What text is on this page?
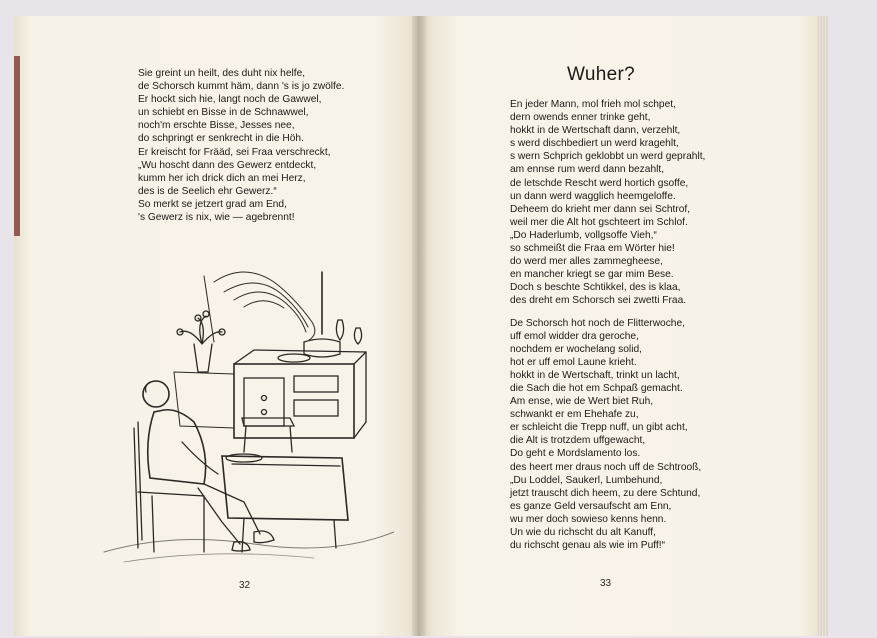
Sie greint un heilt, des duht nix helfe,
de Schorsch kummt häm, dann 's is jo zwölfe.
Er hockt sich hie, langt noch de Gawwel,
un schiebt en Bisse in de Schnawwel,
noch'm erschte Bisse, Jesses nee,
do schpringt er senkrecht in die Höh.
Er kreischt for Frääd, sei Fraa verschreckt,
„Wu hoscht dann des Gewerz entdeckt,
kumm her ich drick dich an mei Herz,
des is de Seelich ehr Gewerz.“
So merkt se jetzert grad am End,
's Gewerz is nix, wie — agebrennt!
32
Wuher?
En jeder Mann, mol frieh mol schpet,
dern owends enner trinke geht,
hokkt in de Wertschaft dann, verzehlt,
s werd dischbediert un werd kragehlt,
s wern Schprich geklobbt un werd geprahlt,
am ennse rum werd dann bezahlt,
de letschde Rescht werd hortich gsoffe,
un dann werd wagglich heemgeloffe.
Deheem do krieht mer dann sei Schtrof,
weil mer die Alt hot gschteert im Schlof.
„Do Haderlumb, vollgsoffe Vieh,“
so schmeißt die Fraa em Wörter hie!
do werd mer alles zammegheese,
en mancher kriegt se gar mim Bese.
Doch s beschte Schtikkel, des is klaa,
des dreht em Schorsch sei zwetti Fraa.
De Schorsch hot noch de Flitterwoche,
uff emol widder dra geroche,
nochdem er wochelang solid,
hot er uff emol Laune krieht.
hokkt in de Wertschaft, trinkt un lacht,
die Sach die hot em Schpaß gemacht.
Am ense, wie de Wert biet Ruh,
schwankt er em Ehehafe zu,
er schleicht die Trepp nuff, un gibt acht,
die Alt is trotzdem uffgewacht,
Do geht e Mordslamento los.
des heert mer draus noch uff de Schtrooß,
„Du Loddel, Saukerl, Lumbehund,
jetzt trauscht dich heem, zu dere Schtund,
es ganze Geld versaufscht am Enn,
wu mer doch sowieso kenns henn.
Un wie du richscht du alt Kanuff,
du richscht genau als wie im Puff!“
33
